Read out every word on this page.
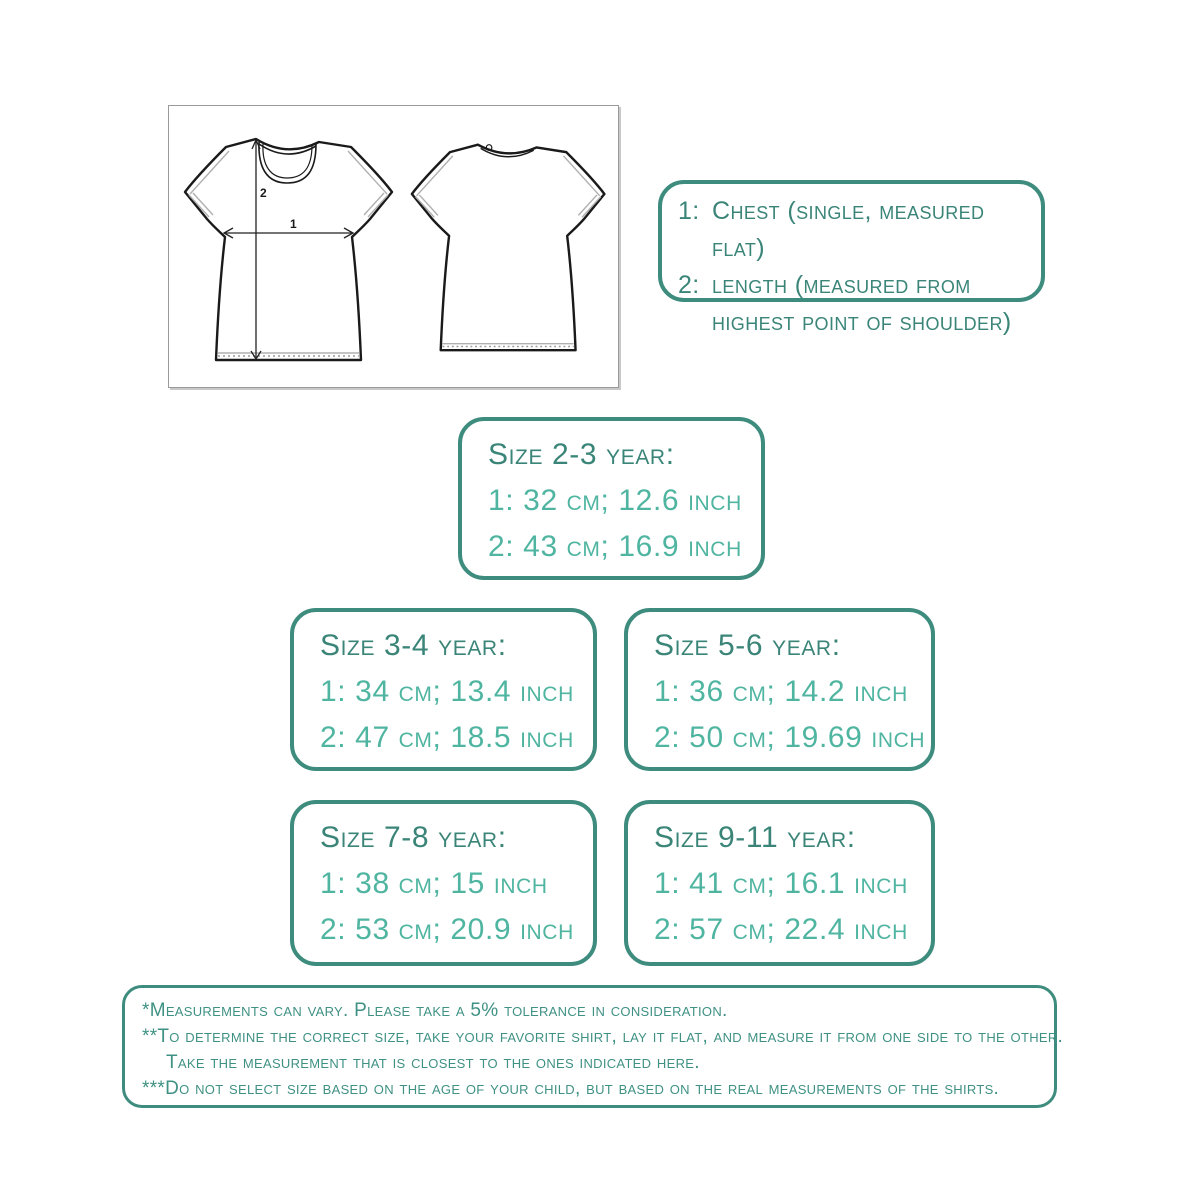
2
1	1: Chest (single, measured flat)
2: length (measured from highest point of shoulder)
Size 2-3 year:
1: 32 cm; 12.6 inch
2: 43 cm; 16.9 inch
Size 3-4 year:
1: 34 cm; 13.4 inch
2: 47 cm; 18.5 inch
Size 5-6 year:
1: 36 cm; 14.2 inch
2: 50 cm; 19.69 inch
Size 7-8 year:
1: 38 cm; 15 inch
2: 53 cm; 20.9 inch
Size 9-11 year:
1: 41 cm; 16.1 inch
2: 57 cm; 22.4 inch
*Measurements can vary. Please take a 5% tolerance in consideration.
**To determine the correct size, take your favorite shirt, lay it flat, and measure it from one side to the other.
Take the measurement that is closest to the ones indicated here.
***Do not select size based on the age of your child, but based on the real measurements of the shirts.
